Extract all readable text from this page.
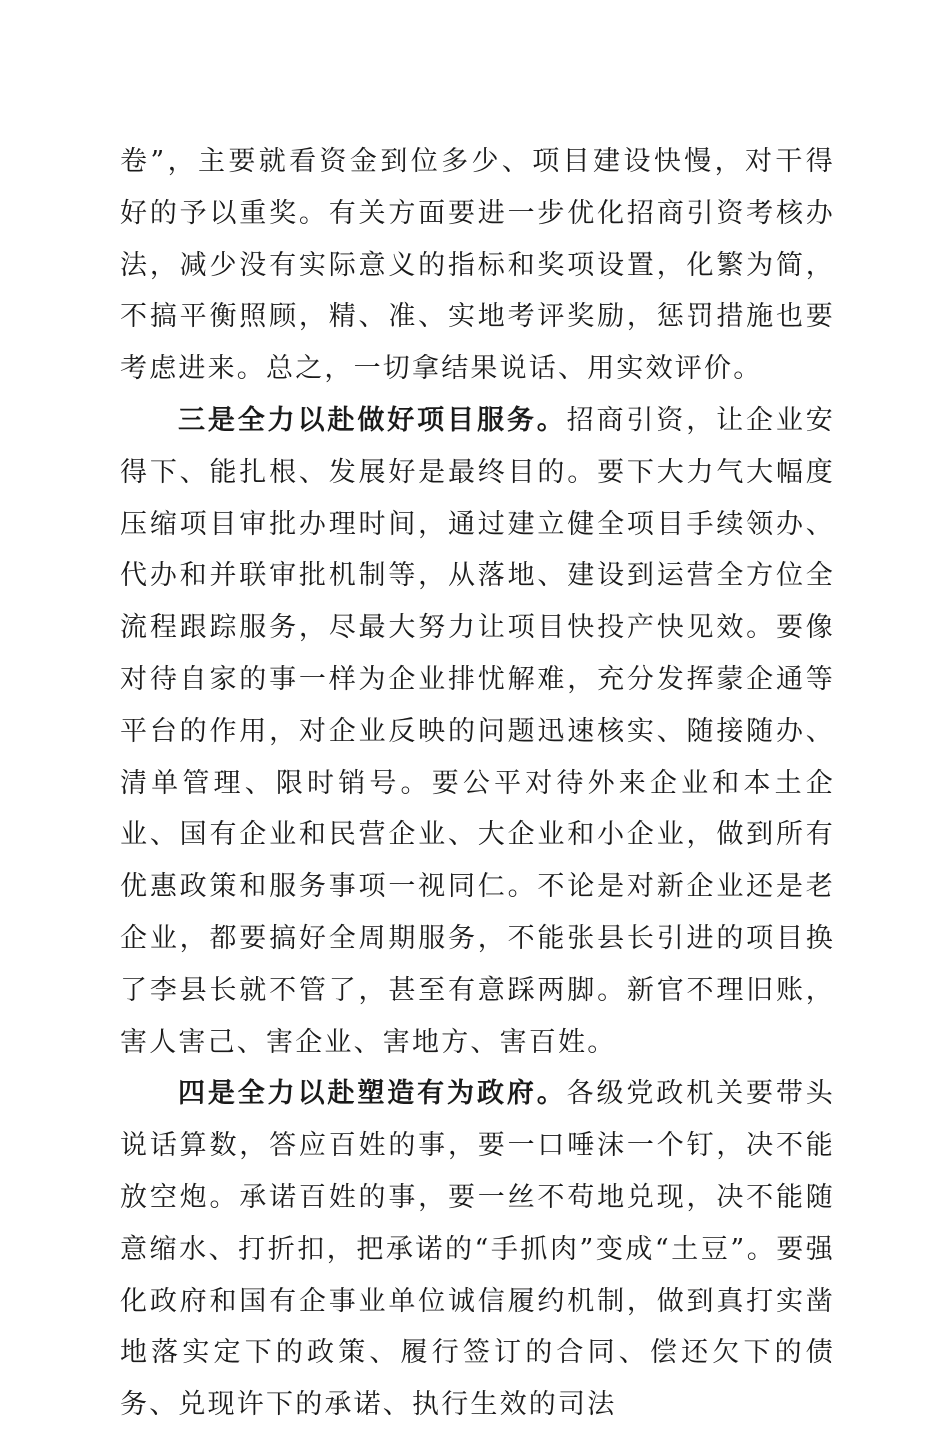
卷”，主要就看资金到位多少、项目建设快慢，对干得好的予以重奖。有关方面要进一步优化招商引资考核办法，减少没有实际意义的指标和奖项设置，化繁为简，不搞平衡照顾，精、准、实地考评奖励，惩罚措施也要考虑进来。总之，一切拿结果说话、用实效评价。

三是全力以赴做好项目服务。招商引资，让企业安得下、能扎根、发展好是最终目的。要下大力气大幅度压缩项目审批办理时间，通过建立健全项目手续领办、代办和并联审批机制等，从落地、建设到运营全方位全流程跟踪服务，尽最大努力让项目快投产快见效。要像对待自家的事一样为企业排忧解难，充分发挥蒙企通等平台的作用，对企业反映的问题迅速核实、随接随办、清单管理、限时销号。要公平对待外来企业和本土企业、国有企业和民营企业、大企业和小企业，做到所有优惠政策和服务事项一视同仁。不论是对新企业还是老企业，都要搞好全周期服务，不能张县长引进的项目换了李县长就不管了，甚至有意踩两脚。新官不理旧账，害人害己、害企业、害地方、害百姓。

四是全力以赴塑造有为政府。各级党政机关要带头说话算数，答应百姓的事，要一口唾沫一个钉，决不能放空炮。承诺百姓的事，要一丝不苟地兑现，决不能随意缩水、打折扣，把承诺的“手抓肉”变成“土豆”。要强化政府和国有企事业单位诚信履约机制，做到真打实凿地落实定下的政策、履行签订的合同、偿还欠下的债务、兑现许下的承诺、执行生效的司法
